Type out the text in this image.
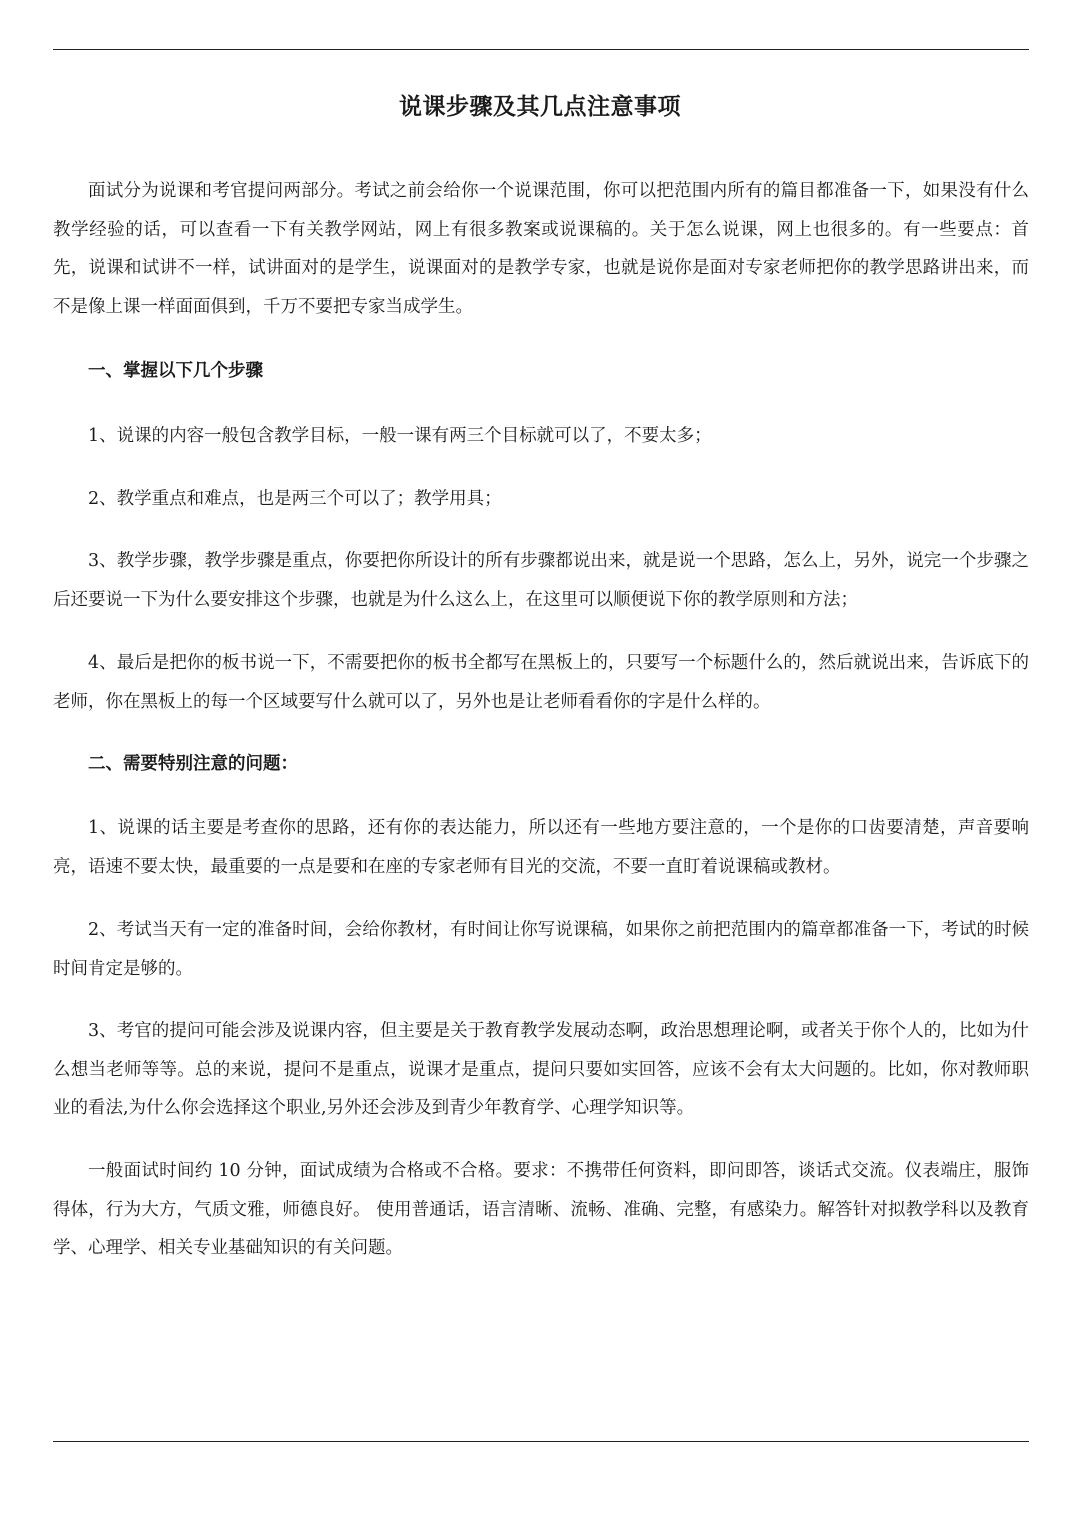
说课步骤及其几点注意事项

面试分为说课和考官提问两部分。考试之前会给你一个说课范围，你可以把范围内所有的篇目都准备一下，如果没有什么教学经验的话，可以查看一下有关教学网站，网上有很多教案或说课稿的。关于怎么说课，网上也很多的。有一些要点：首先，说课和试讲不一样，试讲面对的是学生，说课面对的是教学专家，也就是说你是面对专家老师把你的教学思路讲出来，而不是像上课一样面面俱到，千万不要把专家当成学生。

一、掌握以下几个步骤

1、说课的内容一般包含教学目标，一般一课有两三个目标就可以了，不要太多；

2、教学重点和难点，也是两三个可以了；教学用具；

3、教学步骤，教学步骤是重点，你要把你所设计的所有步骤都说出来，就是说一个思路，怎么上，另外，说完一个步骤之后还要说一下为什么要安排这个步骤，也就是为什么这么上，在这里可以顺便说下你的教学原则和方法；

4、最后是把你的板书说一下，不需要把你的板书全都写在黑板上的，只要写一个标题什么的，然后就说出来，告诉底下的老师，你在黑板上的每一个区域要写什么就可以了，另外也是让老师看看你的字是什么样的。

二、需要特别注意的问题：

1、说课的话主要是考查你的思路，还有你的表达能力，所以还有一些地方要注意的，一个是你的口齿要清楚，声音要响亮，语速不要太快，最重要的一点是要和在座的专家老师有目光的交流，不要一直盯着说课稿或教材。

2、考试当天有一定的准备时间，会给你教材，有时间让你写说课稿，如果你之前把范围内的篇章都准备一下，考试的时候时间肯定是够的。

3、考官的提问可能会涉及说课内容，但主要是关于教育教学发展动态啊，政治思想理论啊，或者关于你个人的，比如为什么想当老师等等。总的来说，提问不是重点，说课才是重点，提问只要如实回答，应该不会有太大问题的。比如，你对教师职业的看法,为什么你会选择这个职业,另外还会涉及到青少年教育学、心理学知识等。

一般面试时间约 10 分钟，面试成绩为合格或不合格。要求：不携带任何资料，即问即答，谈话式交流。仪表端庄，服饰得体，行为大方，气质文雅，师德良好。 使用普通话，语言清晰、流畅、准确、完整，有感染力。解答针对拟教学科以及教育学、心理学、相关专业基础知识的有关问题。
